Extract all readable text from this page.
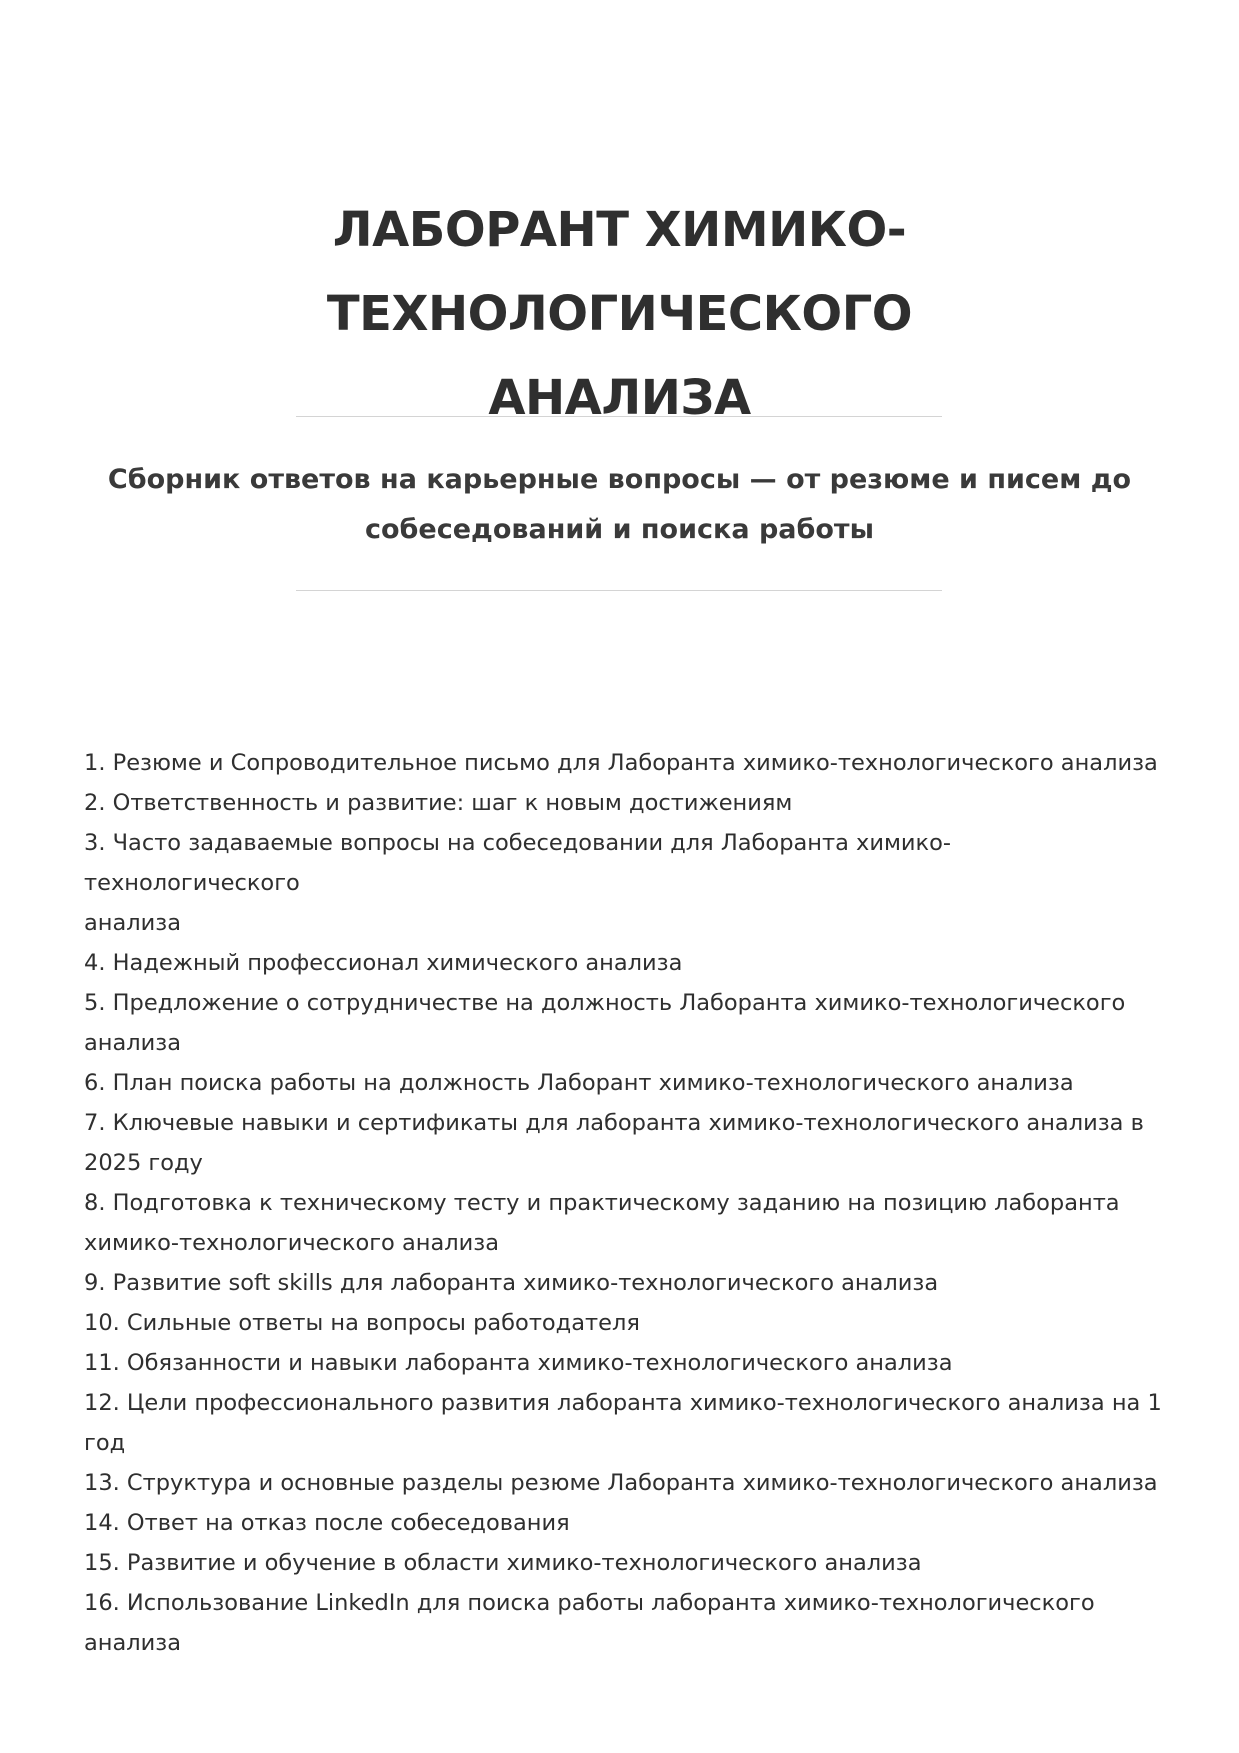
ЛАБОРАНТ ХИМИКО-ТЕХНОЛОГИЧЕСКОГО
АНАЛИЗА
Сборник ответов на карьерные вопросы — от резюме и писем до
собеседований и поиска работы
1. Резюме и Сопроводительное письмо для Лаборанта химико-технологического анализа
2. Ответственность и развитие: шаг к новым достижениям
3. Часто задаваемые вопросы на собеседовании для Лаборанта химико-технологического
анализа
4. Надежный профессионал химического анализа
5. Предложение о сотрудничестве на должность Лаборанта химико-технологического
анализа
6. План поиска работы на должность Лаборант химико-технологического анализа
7. Ключевые навыки и сертификаты для лаборанта химико-технологического анализа в
2025 году
8. Подготовка к техническому тесту и практическому заданию на позицию лаборанта
химико-технологического анализа
9. Развитие soft skills для лаборанта химико-технологического анализа
10. Сильные ответы на вопросы работодателя
11. Обязанности и навыки лаборанта химико-технологического анализа
12. Цели профессионального развития лаборанта химико-технологического анализа на 1
год
13. Структура и основные разделы резюме Лаборанта химико-технологического анализа
14. Ответ на отказ после собеседования
15. Развитие и обучение в области химико-технологического анализа
16. Использование LinkedIn для поиска работы лаборанта химико-технологического
анализа
